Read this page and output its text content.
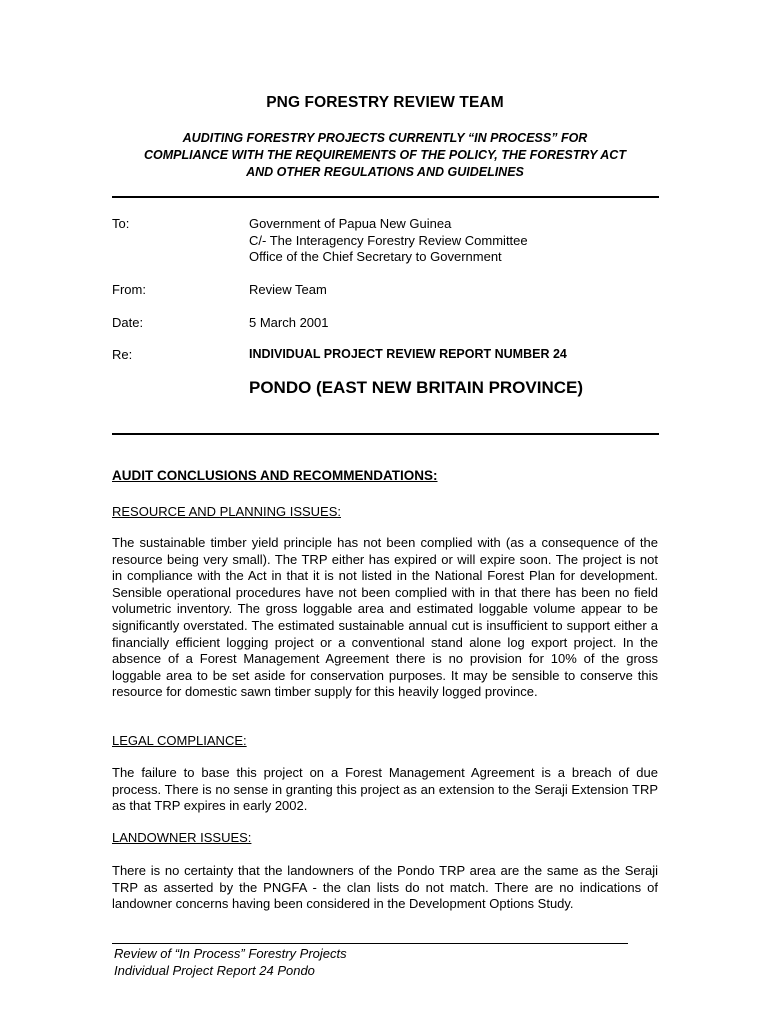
PNG FORESTRY REVIEW TEAM
AUDITING FORESTRY PROJECTS CURRENTLY “IN PROCESS” FOR
COMPLIANCE WITH THE REQUIREMENTS OF THE POLICY, THE FORESTRY ACT
AND OTHER REGULATIONS AND GUIDELINES
To:	Government of Papua New Guinea
C/- The Interagency Forestry Review Committee
Office of the Chief Secretary to Government
From:	Review Team
Date:	5 March 2001
Re:	INDIVIDUAL PROJECT REVIEW REPORT NUMBER 24
PONDO (EAST NEW BRITAIN PROVINCE)
AUDIT CONCLUSIONS AND RECOMMENDATIONS:
RESOURCE AND PLANNING ISSUES:
The sustainable timber yield principle has not been complied with (as a consequence of the resource being very small). The TRP either has expired or will expire soon. The project is not in compliance with the Act in that it is not listed in the National Forest Plan for development. Sensible operational procedures have not been complied with in that there has been no field volumetric inventory. The gross loggable area and estimated loggable volume appear to be significantly overstated. The estimated sustainable annual cut is insufficient to support either a financially efficient logging project or a conventional stand alone log export project. In the absence of a Forest Management Agreement there is no provision for 10% of the gross loggable area to be set aside for conservation purposes. It may be sensible to conserve this resource for domestic sawn timber supply for this heavily logged province.
LEGAL COMPLIANCE:
The failure to base this project on a Forest Management Agreement is a breach of due process. There is no sense in granting this project as an extension to the Seraji Extension TRP as that TRP expires in early 2002.
LANDOWNER ISSUES:
There is no certainty that the landowners of the Pondo TRP area are the same as the Seraji TRP as asserted by the PNGFA - the clan lists do not match. There are no indications of landowner concerns having been considered in the Development Options Study.
Review of “In Process” Forestry Projects
Individual Project Report 24 Pondo
